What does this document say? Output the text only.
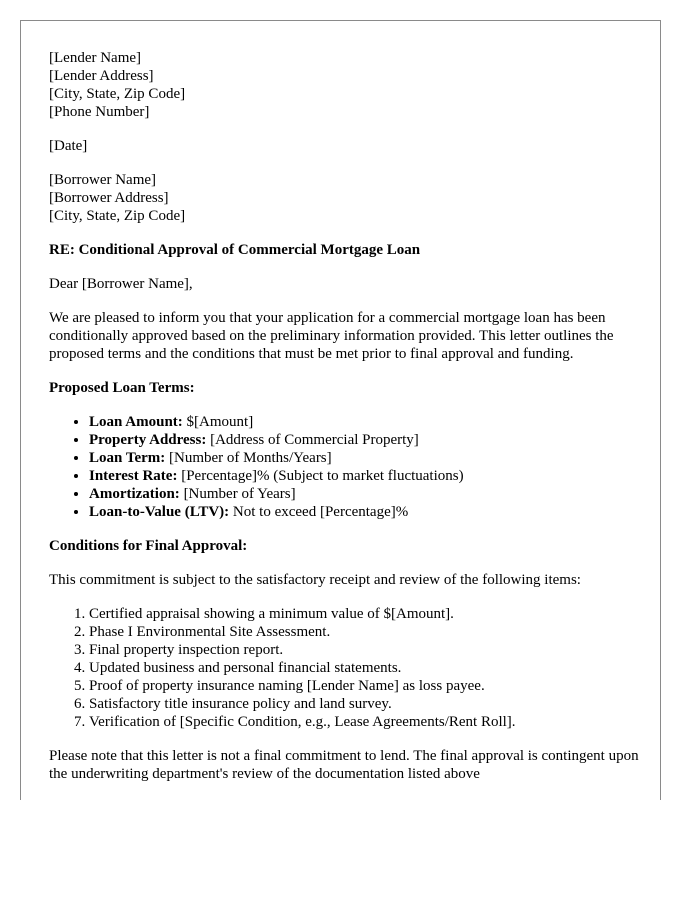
[Lender Name]
[Lender Address]
[City, State, Zip Code]
[Phone Number]

[Date]

[Borrower Name]
[Borrower Address]
[City, State, Zip Code]

RE: Conditional Approval of Commercial Mortgage Loan

Dear [Borrower Name],

We are pleased to inform you that your application for a commercial mortgage loan has been conditionally approved based on the preliminary information provided. This letter outlines the proposed terms and the conditions that must be met prior to final approval and funding.

Proposed Loan Terms:

• Loan Amount: $[Amount]
• Property Address: [Address of Commercial Property]
• Loan Term: [Number of Months/Years]
• Interest Rate: [Percentage]% (Subject to market fluctuations)
• Amortization: [Number of Years]
• Loan-to-Value (LTV): Not to exceed [Percentage]%

Conditions for Final Approval:

This commitment is subject to the satisfactory receipt and review of the following items:

1. Certified appraisal showing a minimum value of $[Amount].
2. Phase I Environmental Site Assessment.
3. Final property inspection report.
4. Updated business and personal financial statements.
5. Proof of property insurance naming [Lender Name] as loss payee.
6. Satisfactory title insurance policy and land survey.
7. Verification of [Specific Condition, e.g., Lease Agreements/Rent Roll].

Please note that this letter is not a final commitment to lend. The final approval is contingent upon the underwriting department's review of the documentation listed above
